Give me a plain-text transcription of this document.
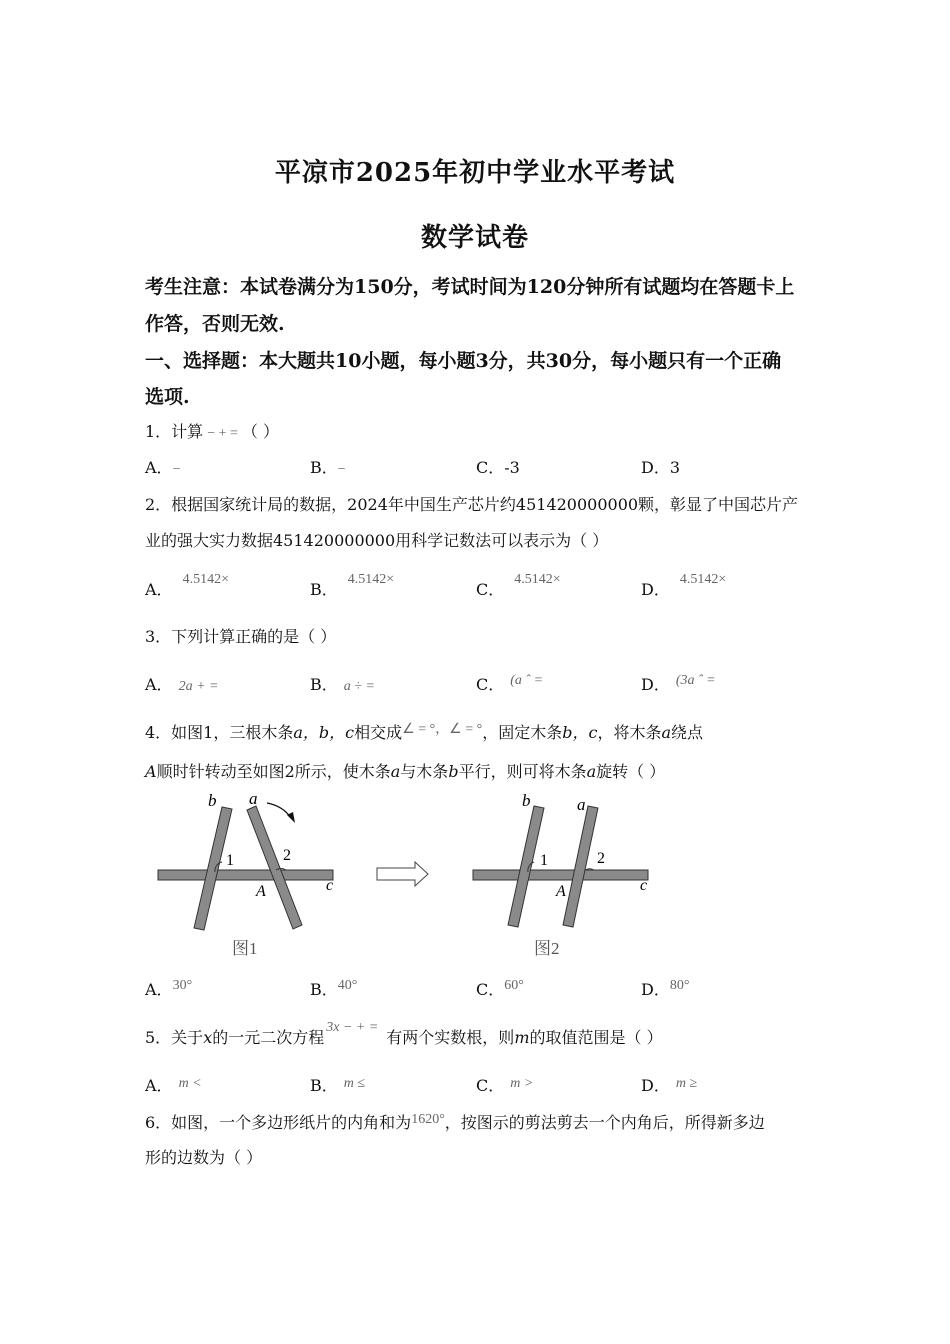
平凉市2025年初中学业水平考试
数学试卷
考生注意：本试卷满分为150分，考试时间为120分钟所有试题均在答题卡上
作答，否则无效.
一、选择题：本大题共10小题，每小题3分，共30分，每小题只有一个正确
选项.
1．计算 − + = （ ）
A．−	B．−	C．-3	D．3
2．根据国家统计局的数据，2024年中国生产芯片约451420000000颗，彰显了中国芯片产
业的强大实力数据451420000000用科学记数法可以表示为（ ）
A．4.5142×
B．4.5142×
C．4.5142×
D．4.5142×
3．下列计算正确的是（ ）
A． 2a + =	B． a ÷ =	C． (a ˆ =	D． (3a ˆ =
4．如图1，三根木条a，b，c相交成∠ = °，∠ = °，固定木条b，c，将木条a绕点
A顺时针转动至如图2所示，使木条a与木条b平行，则可将木条a旋转（ ）
b a
c
A
1	2
图1
b	a
c
A
1	2
图2
A．30°	B．40°	C．60°	D．80°
5．关于x的一元二次方程3x − + =有两个实数根，则m的取值范围是（ ）
A． m <	B． m ≤	C． m >	D． m ≥
6．如图，一个多边形纸片的内角和为1620°，按图示的剪法剪去一个内角后，所得新多边
形的边数为（ ）
